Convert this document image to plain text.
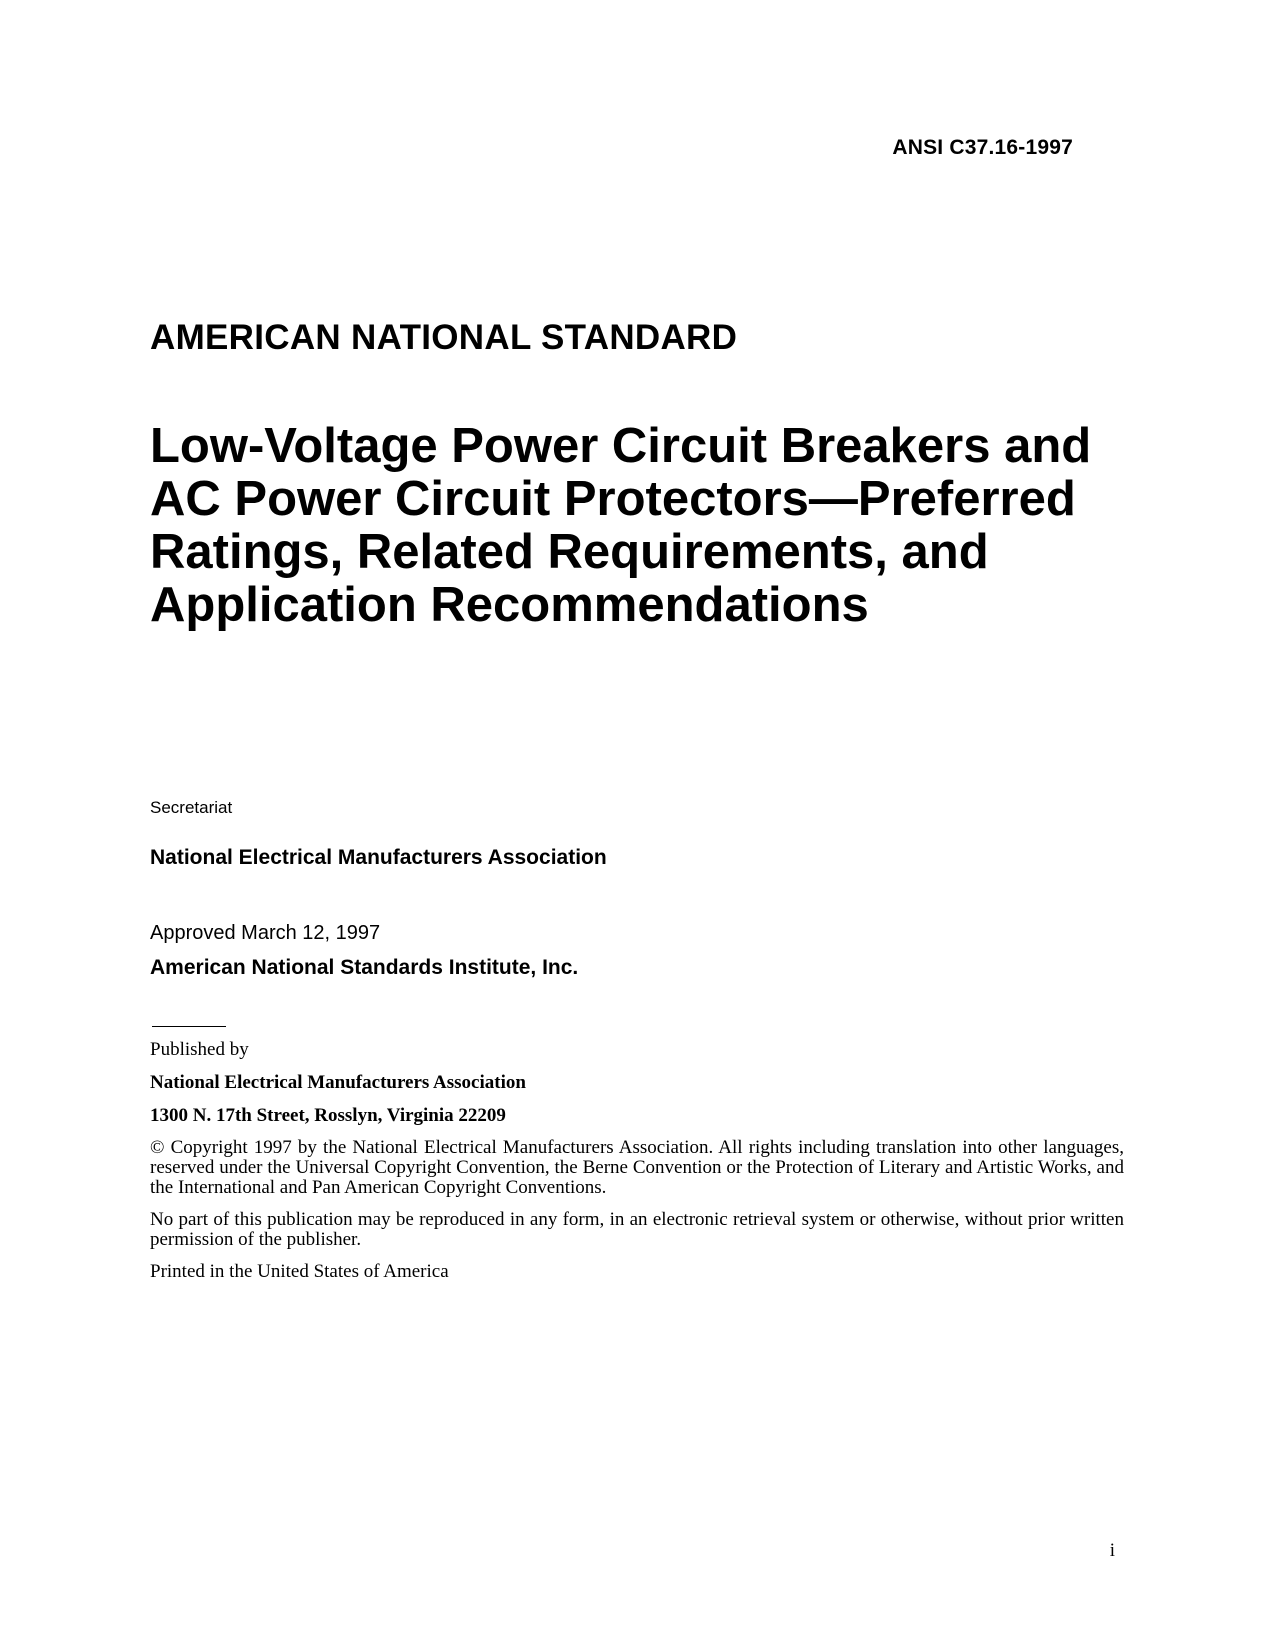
ANSI C37.16-1997
AMERICAN NATIONAL STANDARD
Low-Voltage Power Circuit Breakers and
AC Power Circuit Protectors—Preferred
Ratings, Related Requirements, and
Application Recommendations
Secretariat
National Electrical Manufacturers Association
Approved March 12, 1997
American National Standards Institute, Inc.

Published by

National Electrical Manufacturers Association

1300 N. 17th Street, Rosslyn, Virginia 22209

© Copyright 1997 by the National Electrical Manufacturers Association. All rights including translation into other languages, reserved under the Universal Copyright Convention, the Berne Convention or the Protection of Literary and Artistic Works, and the International and Pan American Copyright Conventions.

No part of this publication may be reproduced in any form, in an electronic retrieval system or otherwise, without prior written permission of the publisher.

Printed in the United States of America

i
